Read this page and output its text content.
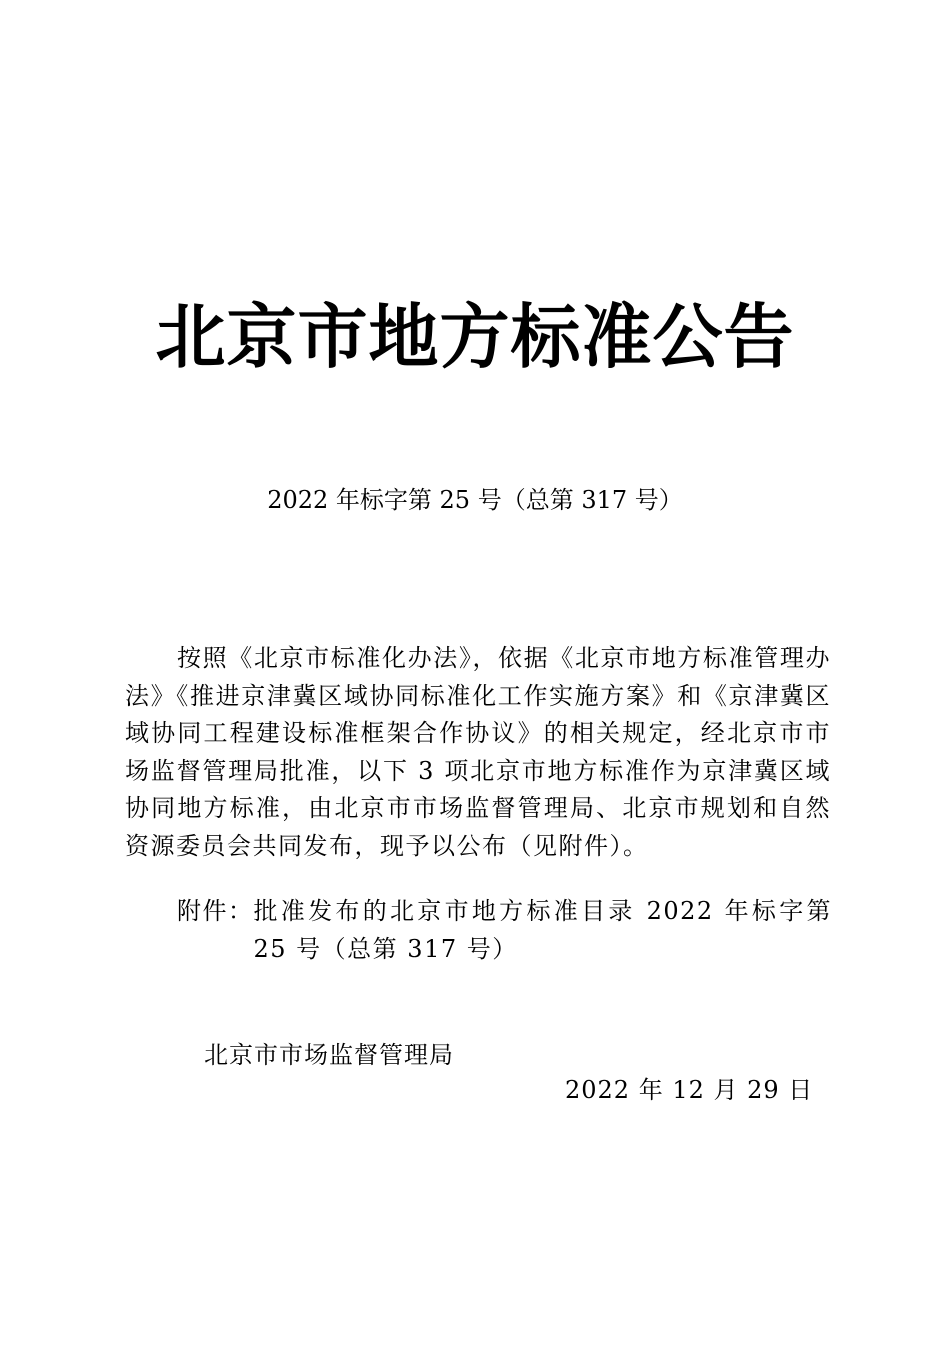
北京市地方标准公告
2022 年标字第 25 号（总第 317 号）

按照《北京市标准化办法》，依据《北京市地方标准管理办法》《推进京津冀区域协同标准化工作实施方案》和《京津冀区域协同工程建设标准框架合作协议》的相关规定，经北京市市场监督管理局批准，以下 3 项北京市地方标准作为京津冀区域协同地方标准，由北京市市场监督管理局、北京市规划和自然资源委员会共同发布，现予以公布（见附件）。

附件： 批准发布的北京市地方标准目录 2022 年标字第 25 号（总第 317 号）
北京市市场监督管理局
2022 年 12 月 29 日
